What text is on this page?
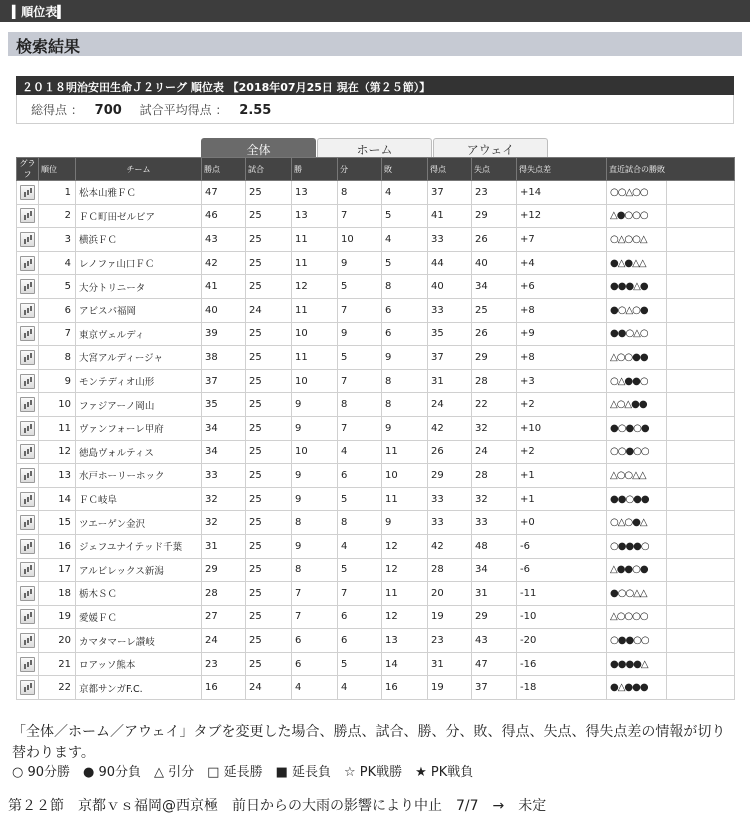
▍順位表▍
検索結果
２０１８明治安田生命Ｊ２リーグ 順位表 【2018年07月25日 現在（第２５節）】
総得点 ： 700 試合平均得点 ： 2.55
全体	ホーム	アウェイ
グラフ	順位	チーム	勝点	試合	勝	分	敗	得点	失点	得失点差	直近試合の勝敗	
	1	松本山雅ＦＣ	47	25	13	8	4	37	23	+14	○○△○○	
	2	ＦＣ町田ゼルビア	46	25	13	7	5	41	29	+12	△●○○○	
	3	横浜ＦＣ	43	25	11	10	4	33	26	+7	○△○○△	
	4	レノファ山口ＦＣ	42	25	11	9	5	44	40	+4	●△●△△	
	5	大分トリニータ	41	25	12	5	8	40	34	+6	●●●△●	
	6	アビスパ福岡	40	24	11	7	6	33	25	+8	●○△○●	
	7	東京ヴェルディ	39	25	10	9	6	35	26	+9	●●○△○	
	8	大宮アルディージャ	38	25	11	5	9	37	29	+8	△○○●●	
	9	モンテディオ山形	37	25	10	7	8	31	28	+3	○△●●○	
	10	ファジアーノ岡山	35	25	9	8	8	24	22	+2	△○△●●	
	11	ヴァンフォーレ甲府	34	25	9	7	9	42	32	+10	●○●○●	
	12	徳島ヴォルティス	34	25	10	4	11	26	24	+2	○○●○○	
	13	水戸ホーリーホック	33	25	9	6	10	29	28	+1	△○○△△	
	14	ＦＣ岐阜	32	25	9	5	11	33	32	+1	●●○●●	
	15	ツエーゲン金沢	32	25	8	8	9	33	33	+0	○△○●△	
	16	ジェフユナイテッド千葉	31	25	9	4	12	42	48	-6	○●●●○	
	17	アルビレックス新潟	29	25	8	5	12	28	34	-6	△●●○●	
	18	栃木ＳＣ	28	25	7	7	11	20	31	-11	●○○△△	
	19	愛媛ＦＣ	27	25	7	6	12	19	29	-10	△○○○○	
	20	カマタマーレ讃岐	24	25	6	6	13	23	43	-20	○●●○○	
	21	ロアッソ熊本	23	25	6	5	14	31	47	-16	●●●●△	
	22	京都サンガF.C.	16	24	4	4	16	19	37	-18	●△●●●	
「全体／ホーム／アウェイ」タブを変更した場合、勝点、試合、勝、分、敗、得点、失点、得失点差の情報が切り替わります。
○ 90分勝　● 90分負　△ 引分　□ 延長勝　■ 延長負　☆ PK戦勝　★ PK戦負
第２２節　京都ｖｓ福岡@西京極　前日からの大雨の影響により中止　7/7　→　未定
